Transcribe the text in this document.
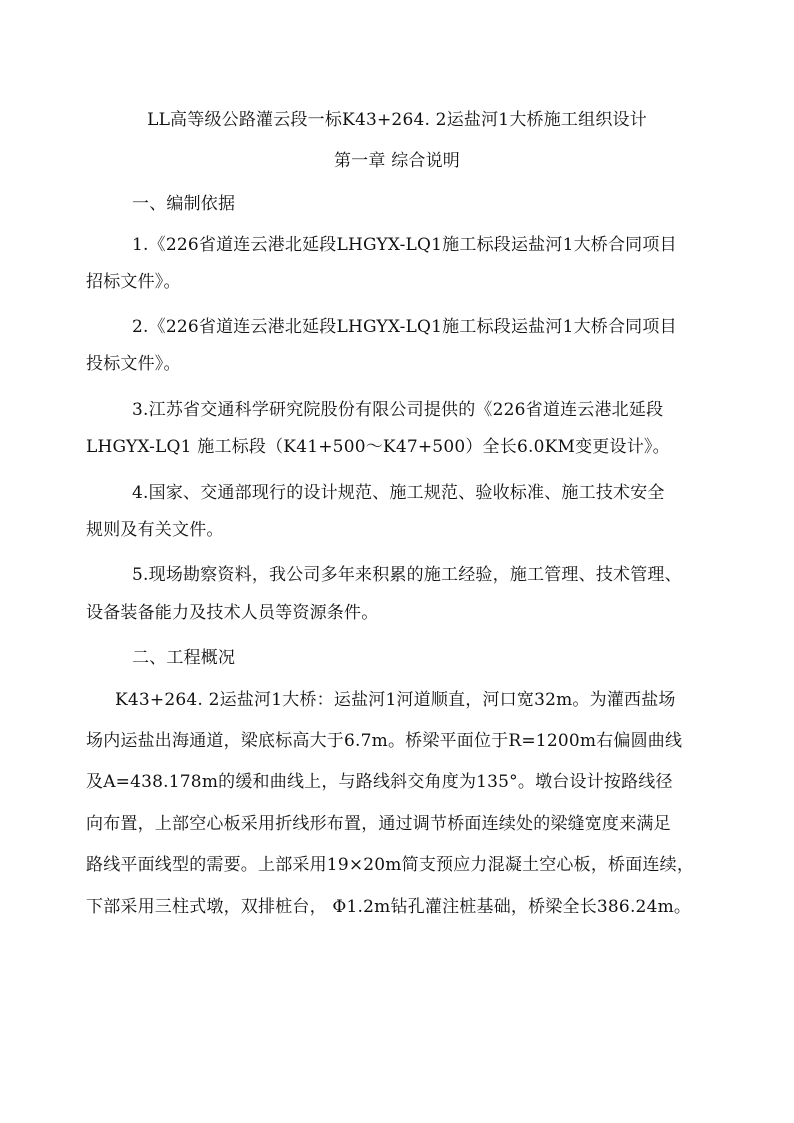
LL高等级公路灌云段一标K43+264. 2运盐河1大桥施工组织设计
第一章 综合说明
一、编制依据
1.《226省道连云港北延段LHGYX-LQ1施工标段运盐河1大桥合同项目
招标文件》。
2.《226省道连云港北延段LHGYX-LQ1施工标段运盐河1大桥合同项目
投标文件》。
3.江苏省交通科学研究院股份有限公司提供的《226省道连云港北延段
LHGYX-LQ1 施工标段（K41+500～K47+500）全长6.0KM变更设计》。
4.国家、交通部现行的设计规范、施工规范、验收标准、施工技术安全
规则及有关文件。
5.现场勘察资料，我公司多年来积累的施工经验，施工管理、技术管理、
设备装备能力及技术人员等资源条件。
二、工程概况
K43+264. 2运盐河1大桥：运盐河1河道顺直，河口宽32m。为灌西盐场
场内运盐出海通道，梁底标高大于6.7m。桥梁平面位于R=1200m右偏圆曲线
及A=438.178m的缓和曲线上，与路线斜交角度为135°。墩台设计按路线径
向布置，上部空心板采用折线形布置，通过调节桥面连续处的梁缝宽度来满足
路线平面线型的需要。上部采用19×20m简支预应力混凝土空心板，桥面连续，
下部采用三柱式墩，双排桩台， Φ1.2m钻孔灌注桩基础，桥梁全长386.24m。
